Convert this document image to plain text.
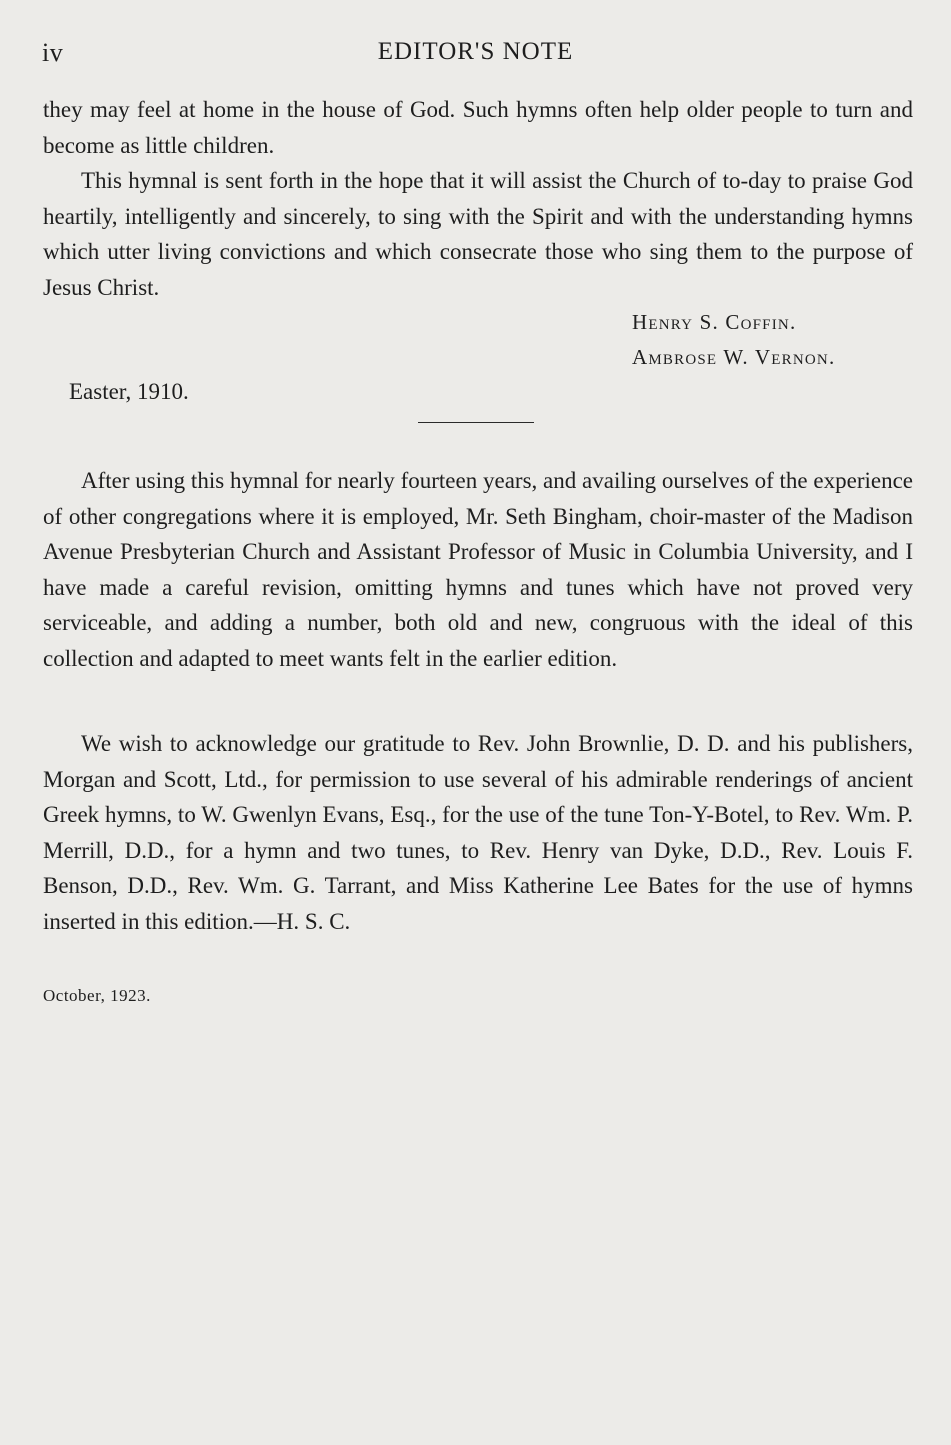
iv	EDITOR'S NOTE

they may feel at home in the house of God. Such hymns often help older people to turn and become as little children.

This hymnal is sent forth in the hope that it will assist the Church of to-day to praise God heartily, intelligently and sincerely, to sing with the Spirit and with the understanding hymns which utter living convictions and which consecrate those who sing them to the purpose of Jesus Christ.

Henry S. Coffin.
Ambrose W. Vernon.
Easter, 1910.

After using this hymnal for nearly fourteen years, and availing ourselves of the experience of other congregations where it is employed, Mr. Seth Bingham, choir-master of the Madison Avenue Presbyterian Church and Assistant Professor of Music in Columbia University, and I have made a careful revision, omitting hymns and tunes which have not proved very serviceable, and adding a number, both old and new, congruous with the ideal of this collection and adapted to meet wants felt in the earlier edition.

We wish to acknowledge our gratitude to Rev. John Brownlie, D. D. and his publishers, Morgan and Scott, Ltd., for permission to use several of his admirable renderings of ancient Greek hymns, to W. Gwenlyn Evans, Esq., for the use of the tune Ton-Y-Botel, to Rev. Wm. P. Merrill, D.D., for a hymn and two tunes, to Rev. Henry van Dyke, D.D., Rev. Louis F. Benson, D.D., Rev. Wm. G. Tarrant, and Miss Katherine Lee Bates for the use of hymns inserted in this edition.—H. S. C.

October, 1923.
